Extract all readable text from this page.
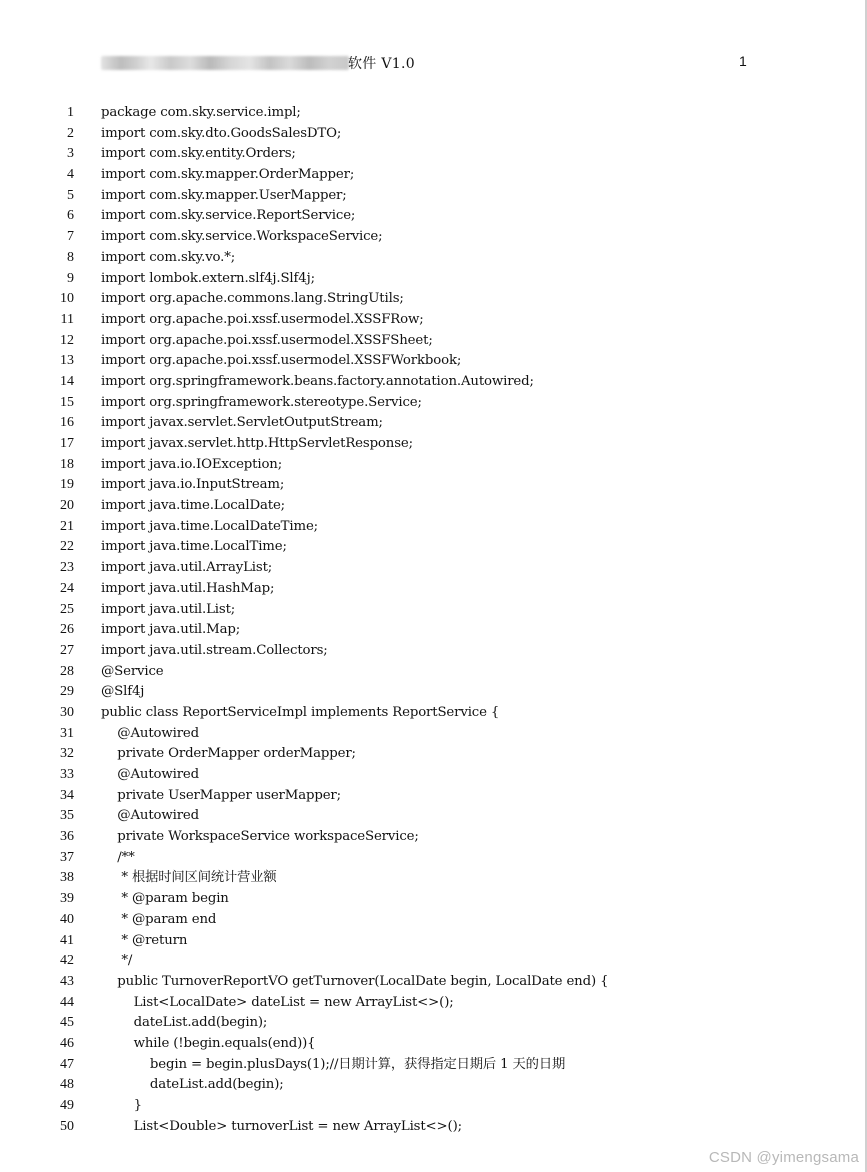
软件 V1.0	1
1 package com.sky.service.impl;
2 import com.sky.dto.GoodsSalesDTO;
3 import com.sky.entity.Orders;
4 import com.sky.mapper.OrderMapper;
5 import com.sky.mapper.UserMapper;
6 import com.sky.service.ReportService;
7 import com.sky.service.WorkspaceService;
8 import com.sky.vo.*;
9 import lombok.extern.slf4j.Slf4j;
10 import org.apache.commons.lang.StringUtils;
11 import org.apache.poi.xssf.usermodel.XSSFRow;
12 import org.apache.poi.xssf.usermodel.XSSFSheet;
13 import org.apache.poi.xssf.usermodel.XSSFWorkbook;
14 import org.springframework.beans.factory.annotation.Autowired;
15 import org.springframework.stereotype.Service;
16 import javax.servlet.ServletOutputStream;
17 import javax.servlet.http.HttpServletResponse;
18 import java.io.IOException;
19 import java.io.InputStream;
20 import java.time.LocalDate;
21 import java.time.LocalDateTime;
22 import java.time.LocalTime;
23 import java.util.ArrayList;
24 import java.util.HashMap;
25 import java.util.List;
26 import java.util.Map;
27 import java.util.stream.Collectors;
28 @Service
29 @Slf4j
30 public class ReportServiceImpl implements ReportService {
31 @Autowired
32 private OrderMapper orderMapper;
33 @Autowired
34 private UserMapper userMapper;
35 @Autowired
36 private WorkspaceService workspaceService;
37 /**
38 * 根据时间区间统计营业额
39 * @param begin
40 * @param end
41 * @return
42 */
43 public TurnoverReportVO getTurnover(LocalDate begin, LocalDate end) {
44 List<LocalDate> dateList = new ArrayList<>();
45 dateList.add(begin);
46 while (!begin.equals(end)){
47 begin = begin.plusDays(1);//日期计算，获得指定日期后 1 天的日期
48 dateList.add(begin);
49 }
50 List<Double> turnoverList = new ArrayList<>();
CSDN @yimengsama
